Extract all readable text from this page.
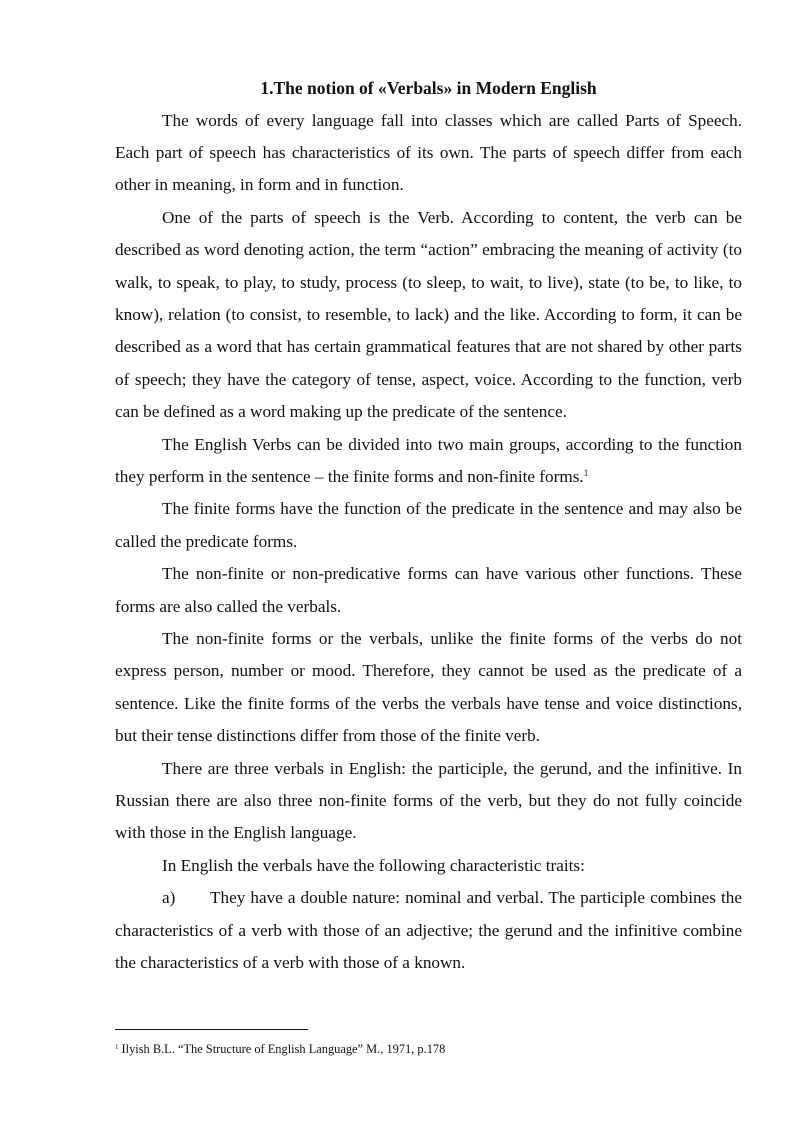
1.The notion of «Verbals» in Modern English

The words of every language fall into classes which are called Parts of Speech. Each part of speech has characteristics of its own. The parts of speech differ from each other in meaning, in form and in function.

One of the parts of speech is the Verb. According to content, the verb can be described as word denoting action, the term “action” embracing the meaning of activity (to walk, to speak, to play, to study, process (to sleep, to wait, to live), state (to be, to like, to know), relation (to consist, to resemble, to lack) and the like. According to form, it can be described as a word that has certain grammatical features that are not shared by other parts of speech; they have the category of tense, aspect, voice. According to the function, verb can be defined as a word making up the predicate of the sentence.

The English Verbs can be divided into two main groups, according to the function they perform in the sentence – the finite forms and non-finite forms.$^1$

The finite forms have the function of the predicate in the sentence and may also be called the predicate forms.

The non-finite or non-predicative forms can have various other functions. These forms are also called the verbals.

The non-finite forms or the verbals, unlike the finite forms of the verbs do not express person, number or mood. Therefore, they cannot be used as the predicate of a sentence. Like the finite forms of the verbs the verbals have tense and voice distinctions, but their tense distinctions differ from those of the finite verb.

There are three verbals in English: the participle, the gerund, and the infinitive. In Russian there are also three non-finite forms of the verb, but they do not fully coincide with those in the English language.

In English the verbals have the following characteristic traits:

a) They have a double nature: nominal and verbal. The participle combines the characteristics of a verb with those of an adjective; the gerund and the infinitive combine the characteristics of a verb with those of a known.

$^1$ Ilyish B.L. “The Structure of English Language” M., 1971, p.178
